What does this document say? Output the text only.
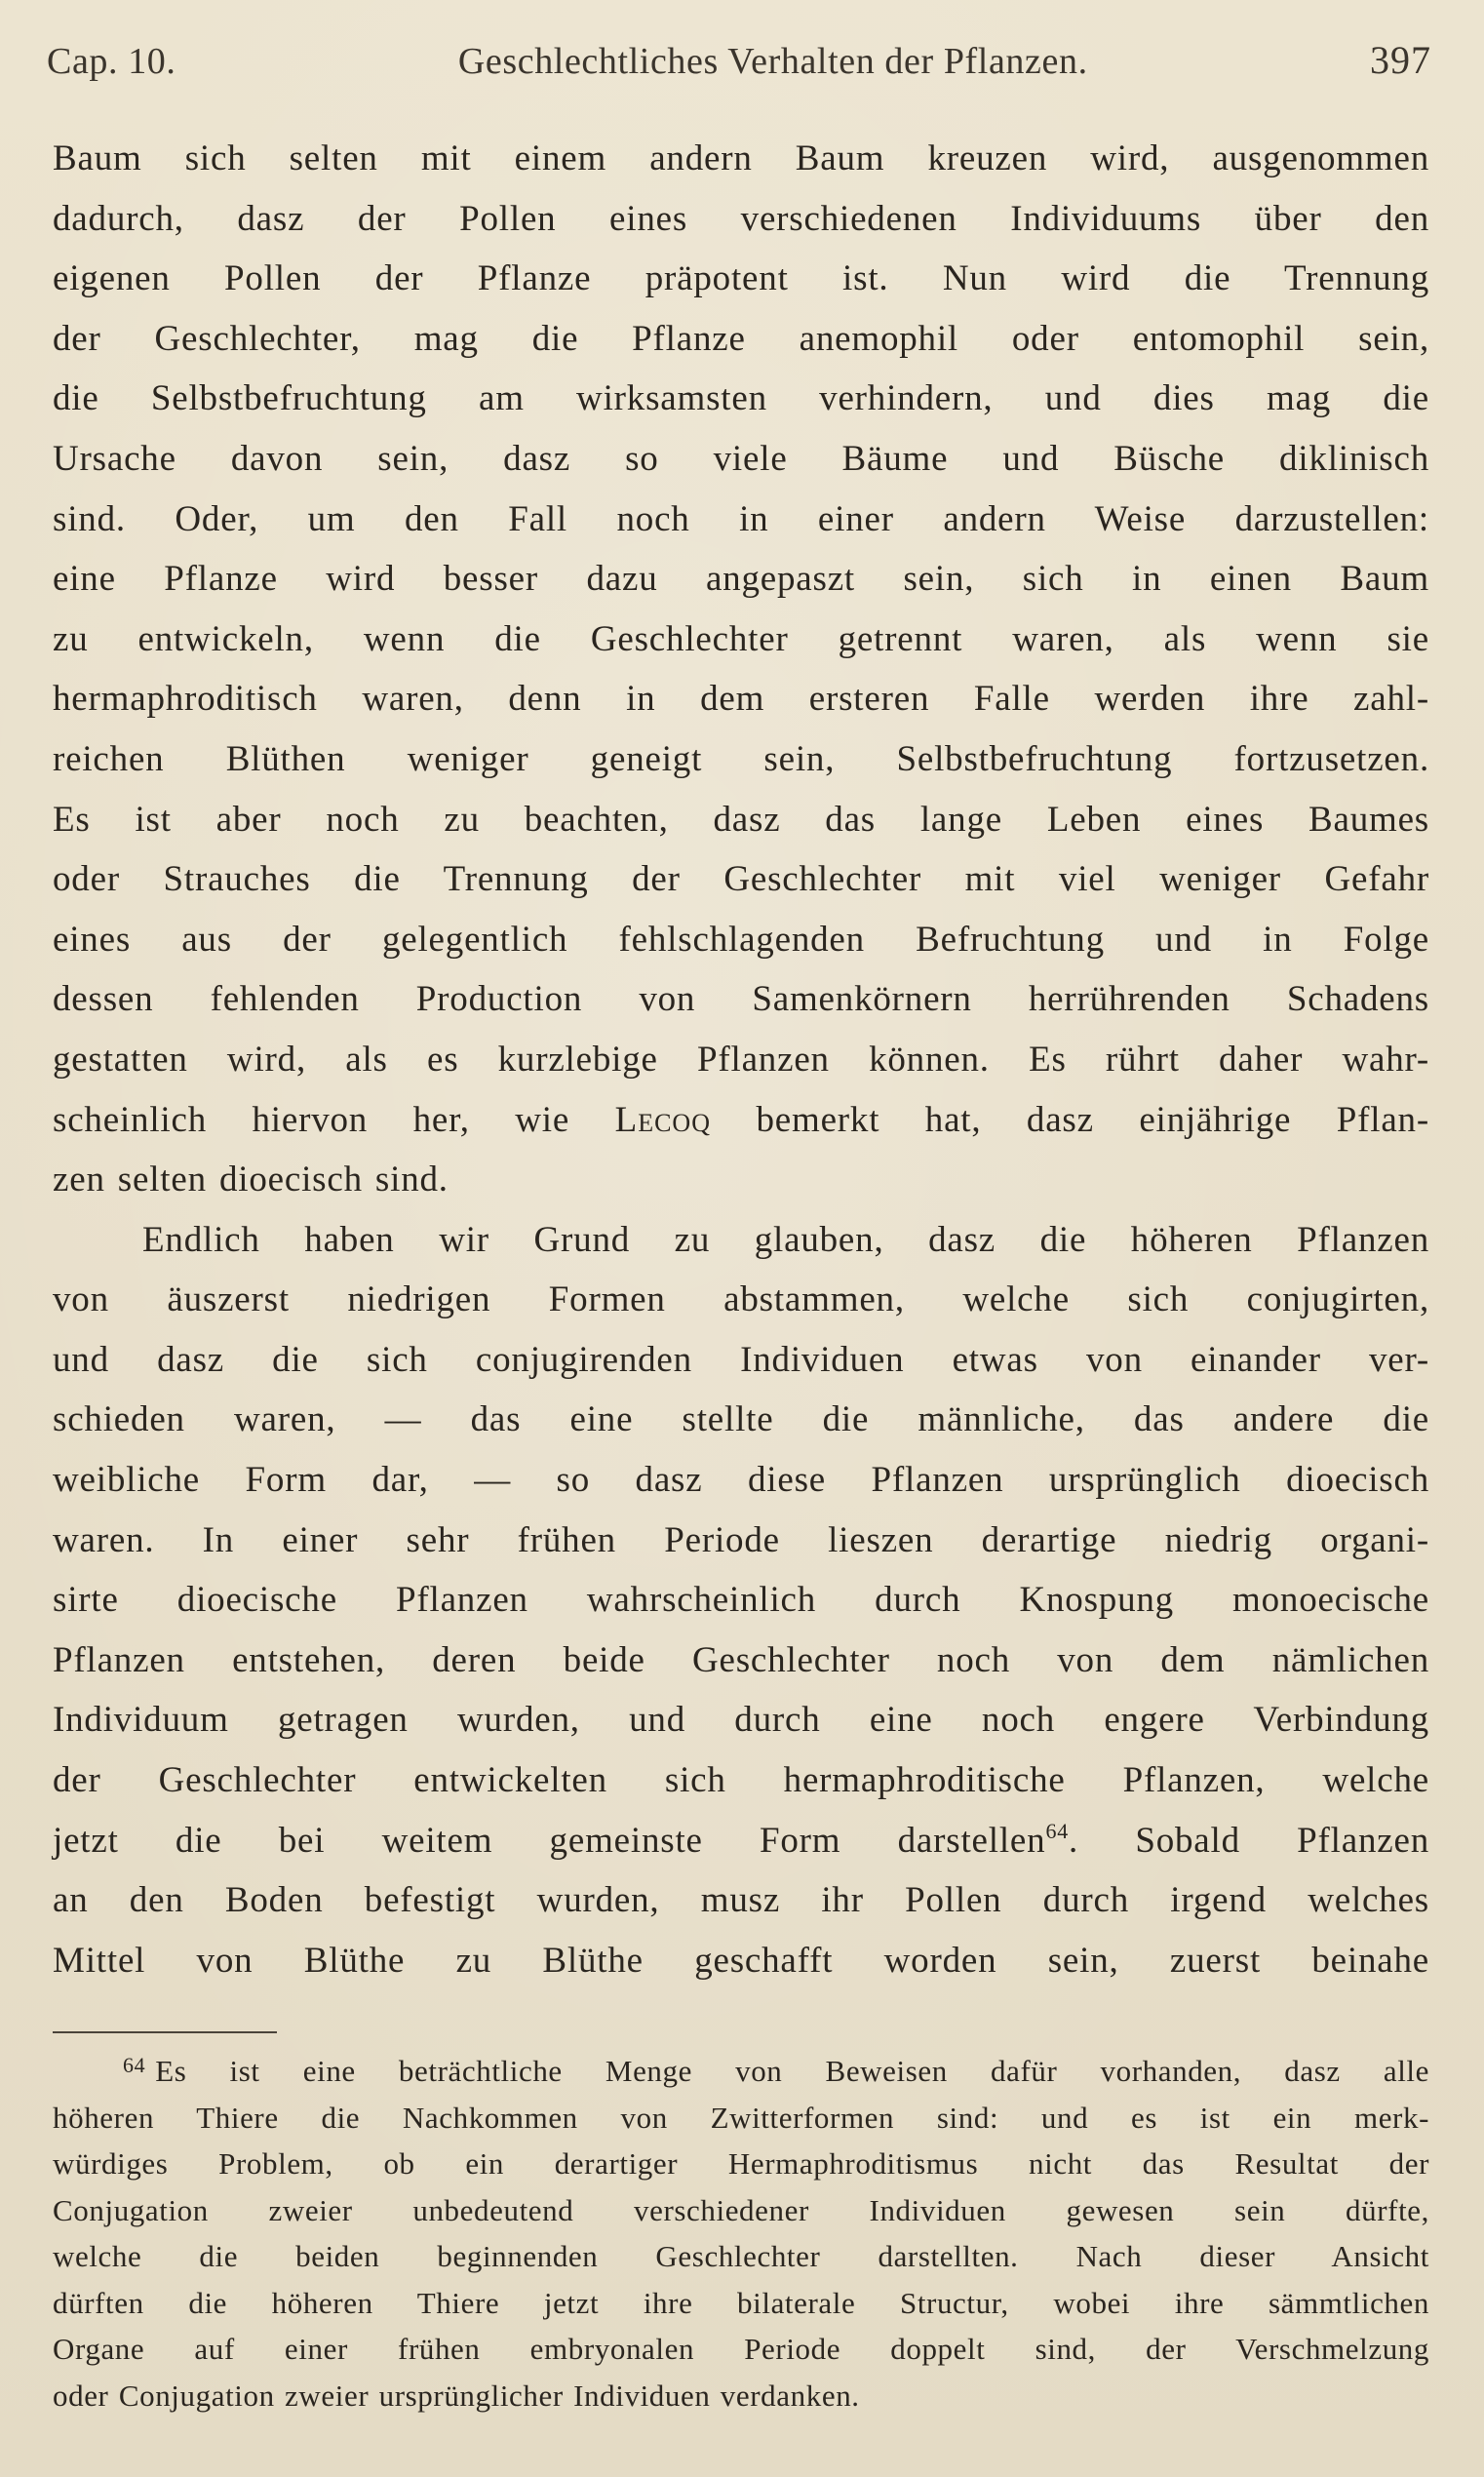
Cap. 10.	Geschlechtliches Verhalten der Pflanzen.	397

Baum sich selten mit einem andern Baum kreuzen wird, ausgenommen

dadurch, dasz der Pollen eines verschiedenen Individuums über den

eigenen Pollen der Pflanze präpotent ist. Nun wird die Trennung

der Geschlechter, mag die Pflanze anemophil oder entomophil sein,

die Selbstbefruchtung am wirksamsten verhindern, und dies mag die

Ursache davon sein, dasz so viele Bäume und Büsche diklinisch

sind. Oder, um den Fall noch in einer andern Weise darzustellen:

eine Pflanze wird besser dazu angepaszt sein, sich in einen Baum

zu entwickeln, wenn die Geschlechter getrennt waren, als wenn sie

hermaphroditisch waren, denn in dem ersteren Falle werden ihre zahl-

reichen Blüthen weniger geneigt sein, Selbstbefruchtung fortzusetzen.

Es ist aber noch zu beachten, dasz das lange Leben eines Baumes

oder Strauches die Trennung der Geschlechter mit viel weniger Gefahr

eines aus der gelegentlich fehlschlagenden Befruchtung und in Folge

dessen fehlenden Production von Samenkörnern herrührenden Schadens

gestatten wird, als es kurzlebige Pflanzen können. Es rührt daher wahr-

scheinlich hiervon her, wie Lecoq bemerkt hat, dasz einjährige Pflan-

zen selten dioecisch sind.

Endlich haben wir Grund zu glauben, dasz die höheren Pflanzen

von äuszerst niedrigen Formen abstammen, welche sich conjugirten,

und dasz die sich conjugirenden Individuen etwas von einander ver-

schieden waren, — das eine stellte die männliche, das andere die

weibliche Form dar, — so dasz diese Pflanzen ursprünglich dioecisch

waren. In einer sehr frühen Periode lieszen derartige niedrig organi-

sirte dioecische Pflanzen wahrscheinlich durch Knospung monoecische

Pflanzen entstehen, deren beide Geschlechter noch von dem nämlichen

Individuum getragen wurden, und durch eine noch engere Verbindung

der Geschlechter entwickelten sich hermaphroditische Pflanzen, welche

jetzt die bei weitem gemeinste Form darstellen$^{64}$. Sobald Pflanzen

an den Boden befestigt wurden, musz ihr Pollen durch irgend welches

Mittel von Blüthe zu Blüthe geschafft worden sein, zuerst beinahe

$^{64}$ Es ist eine beträchtliche Menge von Beweisen dafür vorhanden, dasz alle

höheren Thiere die Nachkommen von Zwitterformen sind: und es ist ein merk-

würdiges Problem, ob ein derartiger Hermaphroditismus nicht das Resultat der

Conjugation zweier unbedeutend verschiedener Individuen gewesen sein dürfte,

welche die beiden beginnenden Geschlechter darstellten. Nach dieser Ansicht

dürften die höheren Thiere jetzt ihre bilaterale Structur, wobei ihre sämmtlichen

Organe auf einer frühen embryonalen Periode doppelt sind, der Verschmelzung

oder Conjugation zweier ursprünglicher Individuen verdanken.
